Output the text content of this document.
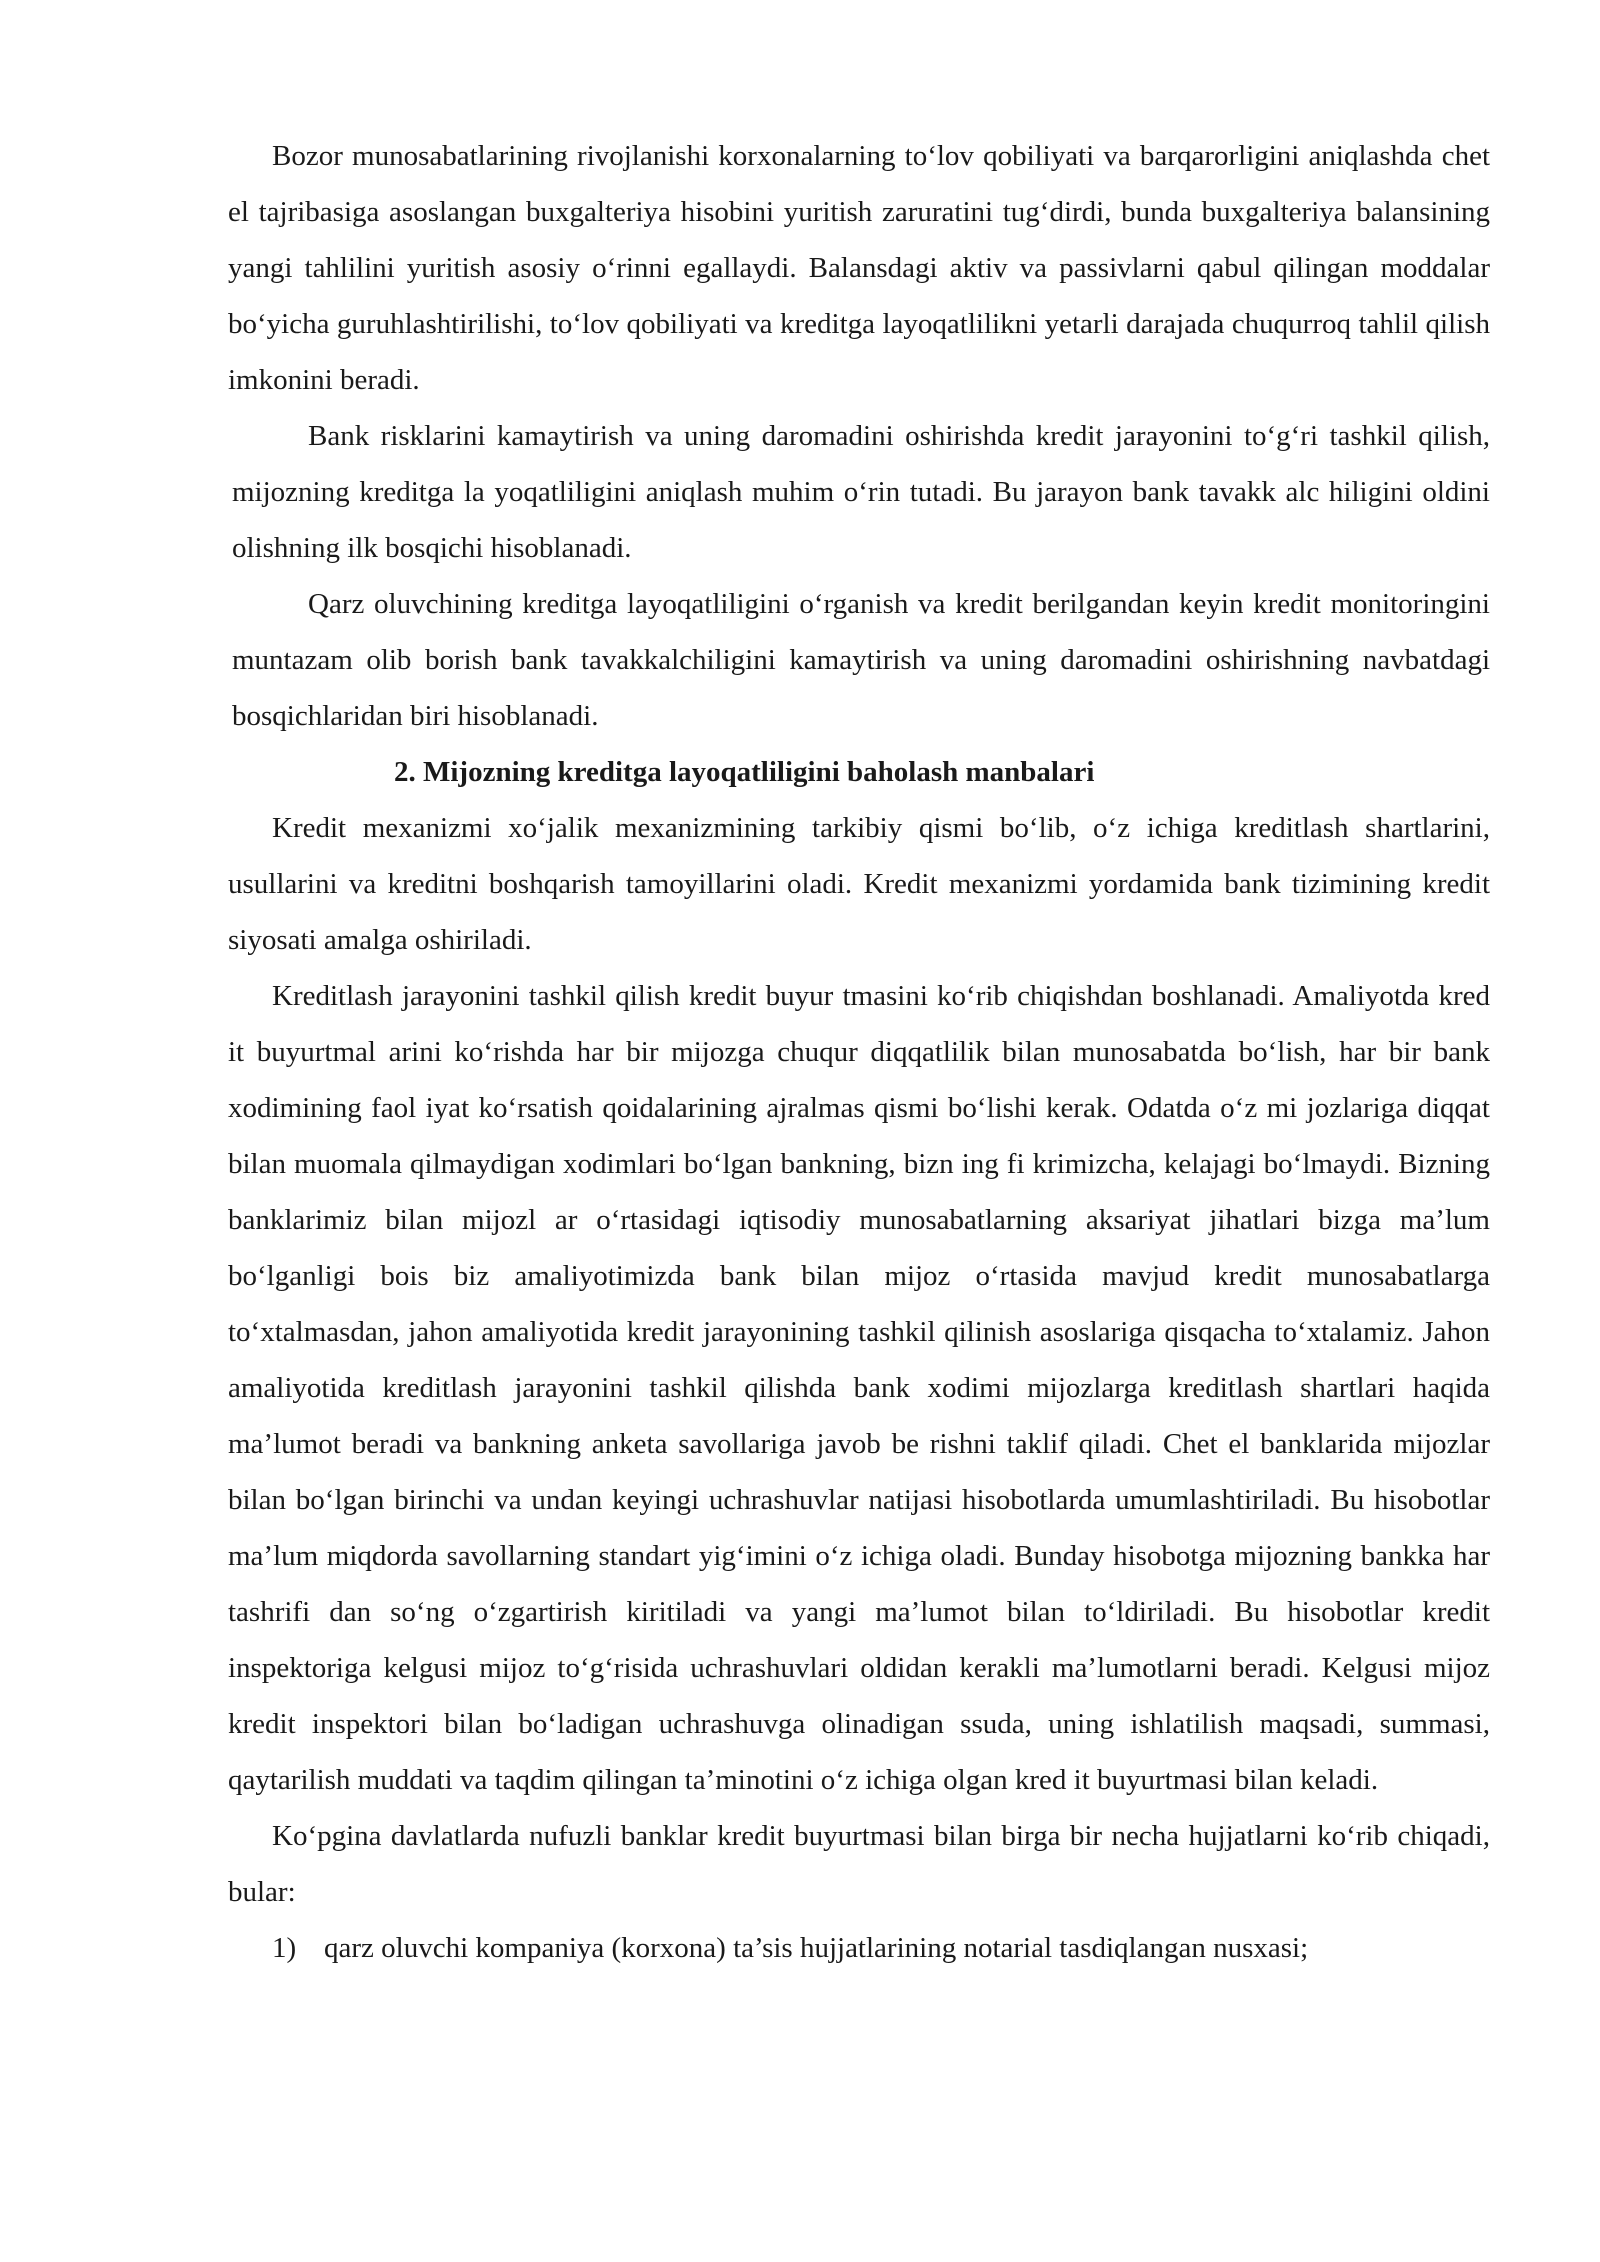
Bozor munosabatlarining rivojlanishi korxonalarning to‘lov qobiliyati va barqarorligini aniqlashda chet el tajribasiga asoslangan buxgalteriya hisobini yuritish zaruratini tug‘dirdi, bunda buxgalteriya balansining yangi tahlilini yuritish asosiy o‘rinni egallaydi. Balansdagi aktiv va passivlarni qabul qilingan moddalar bo‘yicha guruhlashtirilishi, to‘lov qobiliyati va kreditga layoqatlilikni yetarli darajada chuqurroq tahlil qilish imkonini beradi.

Bank risklarini kamaytirish va uning daromadini oshirishda kredit jarayonini to‘g‘ri tashkil qilish, mijozning kreditga la yoqatliligini aniqlash muhim o‘rin tutadi. Bu jarayon bank tavakk alc hiligini oldini olishning ilk bosqichi hisoblanadi.

Qarz oluvchining kreditga layoqatliligini o‘rganish va kredit berilgandan keyin kredit monitoringini muntazam olib borish bank tavakkalchiligini kamaytirish va uning daromadini oshirishning navbatdagi bosqichlaridan biri hisoblanadi.

2. Mijozning kreditga layoqatliligini baholash manbalari

Kredit mexanizmi xo‘jalik mexanizmining tarkibiy qismi bo‘lib, o‘z ichiga kreditlash shartlarini, usullarini va kreditni boshqarish tamoyillarini oladi. Kredit mexanizmi yordamida bank tizimining kredit siyosati amalga oshiriladi.

Kreditlash jarayonini tashkil qilish kredit buyur tmasini ko‘rib chiqishdan boshlanadi. Amaliyotda kred it buyurtmal arini ko‘rishda har bir mijozga chuqur diqqatlilik bilan munosabatda bo‘lish, har bir bank xodimining faol iyat ko‘rsatish qoidalarining ajralmas qismi bo‘lishi kerak. Odatda o‘z mi jozlariga diqqat bilan muomala qilmaydigan xodimlari bo‘lgan bankning, bizn ing fi krimizcha, kelajagi bo‘lmaydi. Bizning banklarimiz bilan mijozl ar o‘rtasidagi iqtisodiy munosabatlarning aksariyat jihatlari bizga ma’lum bo‘lganligi bois biz amaliyotimizda bank bilan mijoz o‘rtasida mavjud kredit munosabatlarga to‘xtalmasdan, jahon amaliyotida kredit jarayonining tashkil qilinish asoslariga qisqacha to‘xtalamiz. Jahon amaliyotida kreditlash jarayonini tashkil qilishda bank xodimi mijozlarga kreditlash shartlari haqida ma’lumot beradi va bankning anketa savollariga javob be rishni taklif qiladi. Chet el banklarida mijozlar bilan bo‘lgan birinchi va undan keyingi uchrashuvlar natijasi hisobotlarda umumlashtiriladi. Bu hisobotlar ma’lum miqdorda savollarning standart yig‘imini o‘z ichiga oladi. Bunday hisobotga mijozning bankka har tashrifi dan so‘ng o‘zgartirish kiritiladi va yangi ma’lumot bilan to‘ldiriladi. Bu hisobotlar kredit inspektoriga kelgusi mijoz to‘g‘risida uchrashuvlari oldidan kerakli ma’lumotlarni beradi. Kelgusi mijoz kredit inspektori bilan bo‘ladigan uchrashuvga olinadigan ssuda, uning ishlatilish maqsadi, summasi, qaytarilish muddati va taqdim qilingan ta’minotini o‘z ichiga olgan kred it buyurtmasi bilan keladi.

Ko‘pgina davlatlarda nufuzli banklar kredit buyurtmasi bilan birga bir necha hujjatlarni ko‘rib chiqadi, bular:

1) qarz oluvchi kompaniya (korxona) ta’sis hujjatlarining notarial tasdiqlangan nusxasi;
